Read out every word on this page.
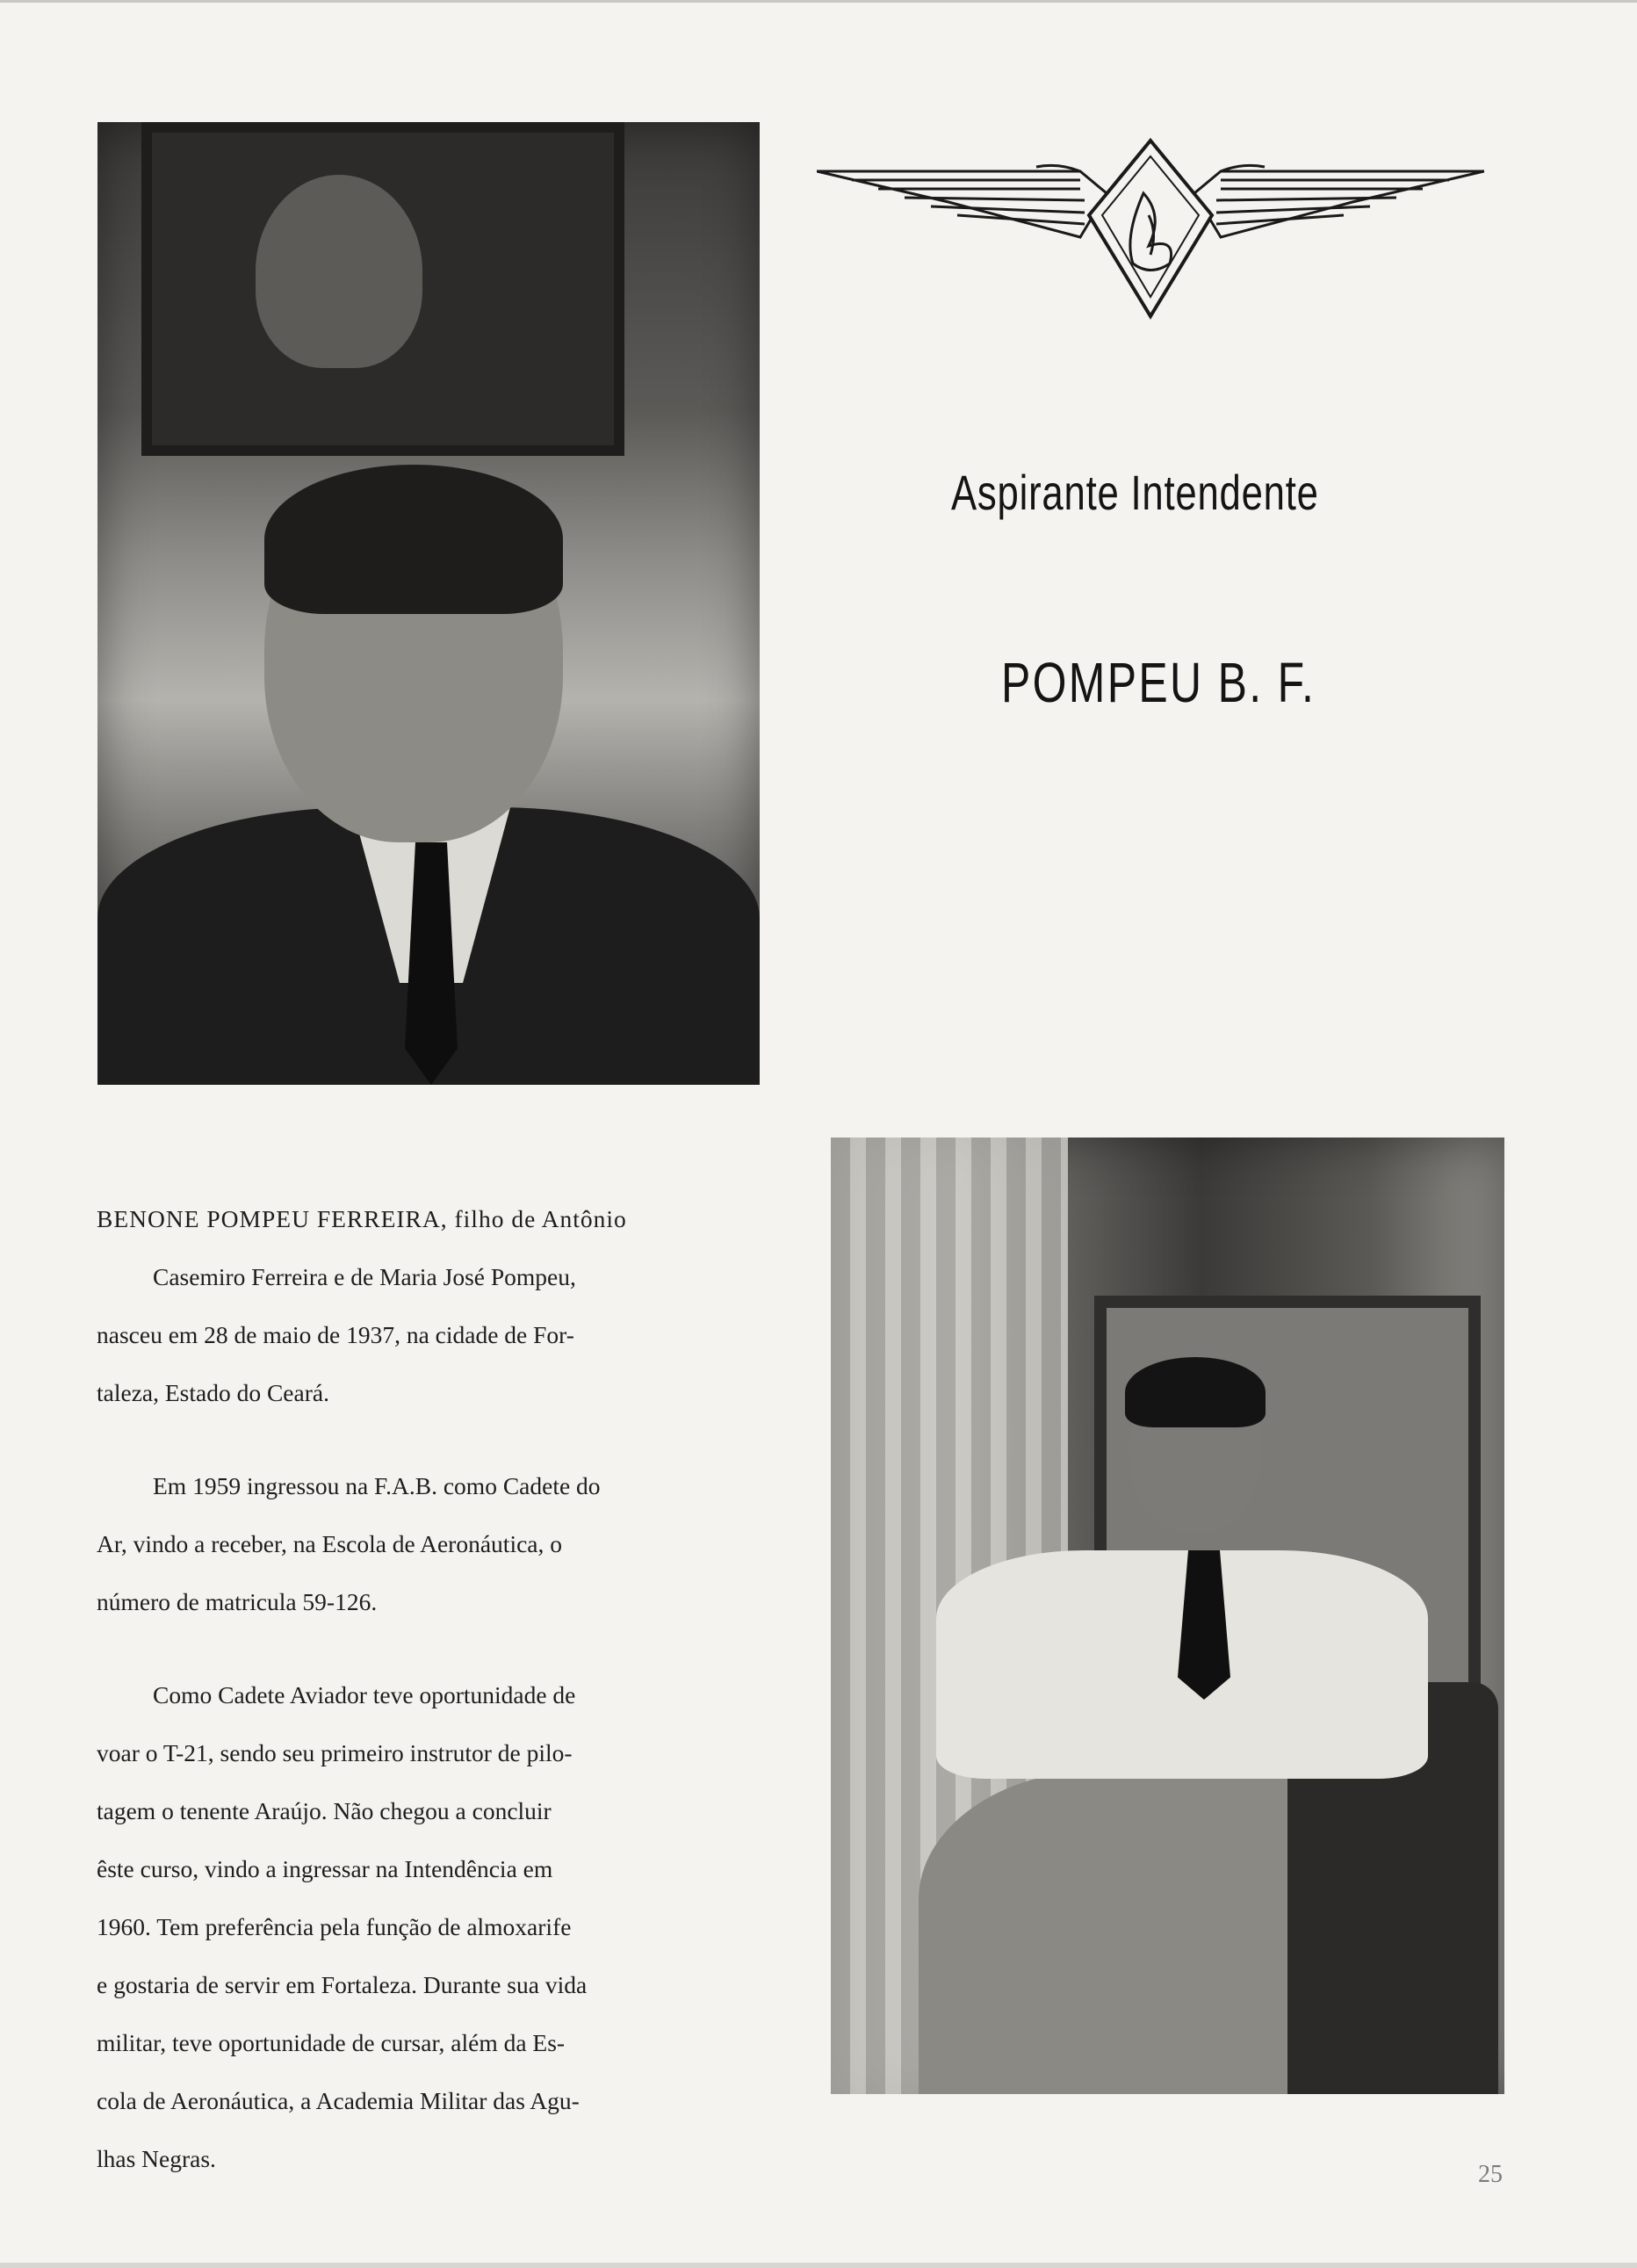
Aspirante Intendente
POMPEU B. F.
BENONE POMPEU FERREIRA, filho de Antônio
Casemiro Ferreira e de Maria José Pompeu,
nasceu em 28 de maio de 1937, na cidade de For-
taleza, Estado do Ceará.
Em 1959 ingressou na F.A.B. como Cadete do
Ar, vindo a receber, na Escola de Aeronáutica, o
número de matricula 59-126.
Como Cadete Aviador teve oportunidade de
voar o T-21, sendo seu primeiro instrutor de pilo-
tagem o tenente Araújo. Não chegou a concluir
êste curso, vindo a ingressar na Intendência em
1960. Tem preferência pela função de almoxarife
e gostaria de servir em Fortaleza. Durante sua vida
militar, teve oportunidade de cursar, além da Es-
cola de Aeronáutica, a Academia Militar das Agu-
lhas Negras.
25
